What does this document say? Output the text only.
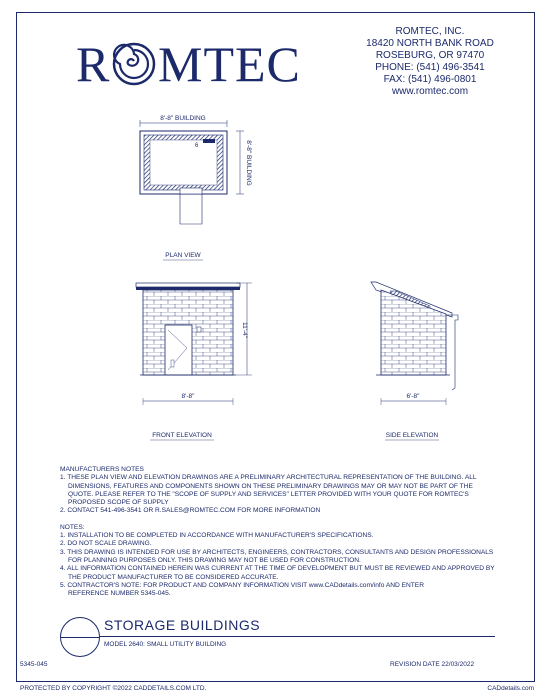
R MTEC
ROMTEC, INC.
18420 NORTH BANK ROAD
ROSEBURG, OR 97470
PHONE: (541) 496-3541
FAX: (541) 496-0801
www.romtec.com
8'-8" BUILDING
6	8'-8" BUILDING
PLAN VIEW
11'-4"
8'-8"
FRONT ELEVATION
6'-8"
SIDE ELEVATION

MANUFACTURERS NOTES

1. THESE PLAN VIEW AND ELEVATION DRAWINGS ARE A PRELIMINARY ARCHITECTURAL REPRESENTATION OF THE BUILDING. ALL

DIMENSIONS, FEATURES AND COMPONENTS SHOWN ON THESE PRELIMINARY DRAWINGS MAY OR MAY NOT BE PART OF THE

QUOTE. PLEASE REFER TO THE "SCOPE OF SUPPLY AND SERVICES" LETTER PROVIDED WITH YOUR QUOTE FOR ROMTEC'S

PROPOSED SCOPE OF SUPPLY

2. CONTACT 541-496-3541 OR R.SALES@ROMTEC.COM FOR MORE INFORMATION

NOTES:

1. INSTALLATION TO BE COMPLETED IN ACCORDANCE WITH MANUFACTURER'S SPECIFICATIONS.

2. DO NOT SCALE DRAWING.

3. THIS DRAWING IS INTENDED FOR USE BY ARCHITECTS, ENGINEERS, CONTRACTORS, CONSULTANTS AND DESIGN PROFESSIONALS

FOR PLANNING PURPOSES ONLY. THIS DRAWING MAY NOT BE USED FOR CONSTRUCTION.

4. ALL INFORMATION CONTAINED HEREIN WAS CURRENT AT THE TIME OF DEVELOPMENT BUT MUST BE REVIEWED AND APPROVED BY

THE PRODUCT MANUFACTURER TO BE CONSIDERED ACCURATE.

5. CONTRACTOR'S NOTE: FOR PRODUCT AND COMPANY INFORMATION VISIT www.CADdetails.com/info AND ENTER

REFERENCE NUMBER 5345-045.

STORAGE BUILDINGS
MODEL 2640: SMALL UTILITY BUILDING
5345-045	REVISION DATE 22/03/2022
PROTECTED BY COPYRIGHT ©2022 CADDETAILS.COM LTD.	CADdetails.com
